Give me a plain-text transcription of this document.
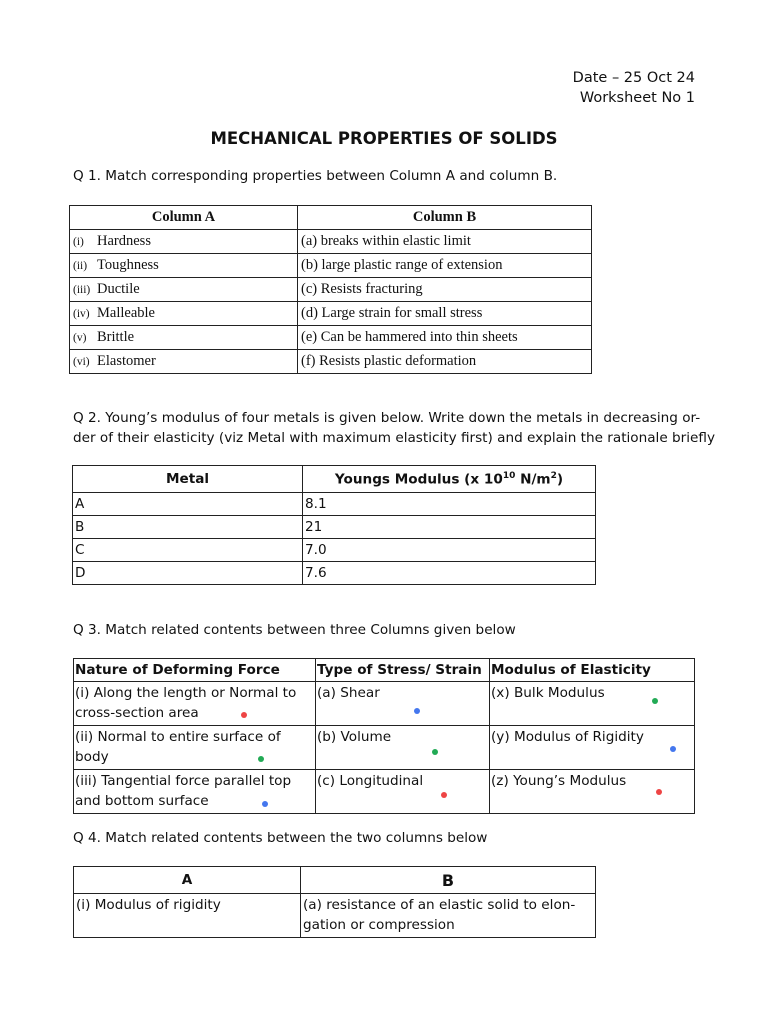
Date – 25 Oct 24
Worksheet No 1
MECHANICAL PROPERTIES OF SOLIDS
Q 1. Match corresponding properties between Column A and column B.
Column A	Column B
(i) Hardness	(a) breaks within elastic limit
(ii) Toughness	(b) large plastic range of extension
(iii) Ductile	(c) Resists fracturing
(iv) Malleable	(d) Large strain for small stress
(v) Brittle	(e) Can be hammered into thin sheets
(vi) Elastomer	(f) Resists plastic deformation
Q 2. Young’s modulus of four metals is given below. Write down the metals in decreasing or-
der of their elasticity (viz Metal with maximum elasticity first) and explain the rationale briefly
Metal	Youngs Modulus (x $10^{10}$ $N/m^2$)
A	8.1
B	21
C	7.0
D	7.6
Q 3. Match related contents between three Columns given below
Nature of Deforming Force	Type of Stress/ Strain	Modulus of Elasticity
(i) Along the length or Normal to cross-section area	(a) Shear	(x) Bulk Modulus

(ii) Normal to entire surface of body	(b) Volume	(y) Modulus of Rigidity

(iii) Tangential force parallel top and bottom surface	(c) Longitudinal	(z) Young’s Modulus
Q 4. Match related contents between the two columns below
A	B
(i) Modulus of rigidity	(a) resistance of an elastic solid to elon-gation or compression
